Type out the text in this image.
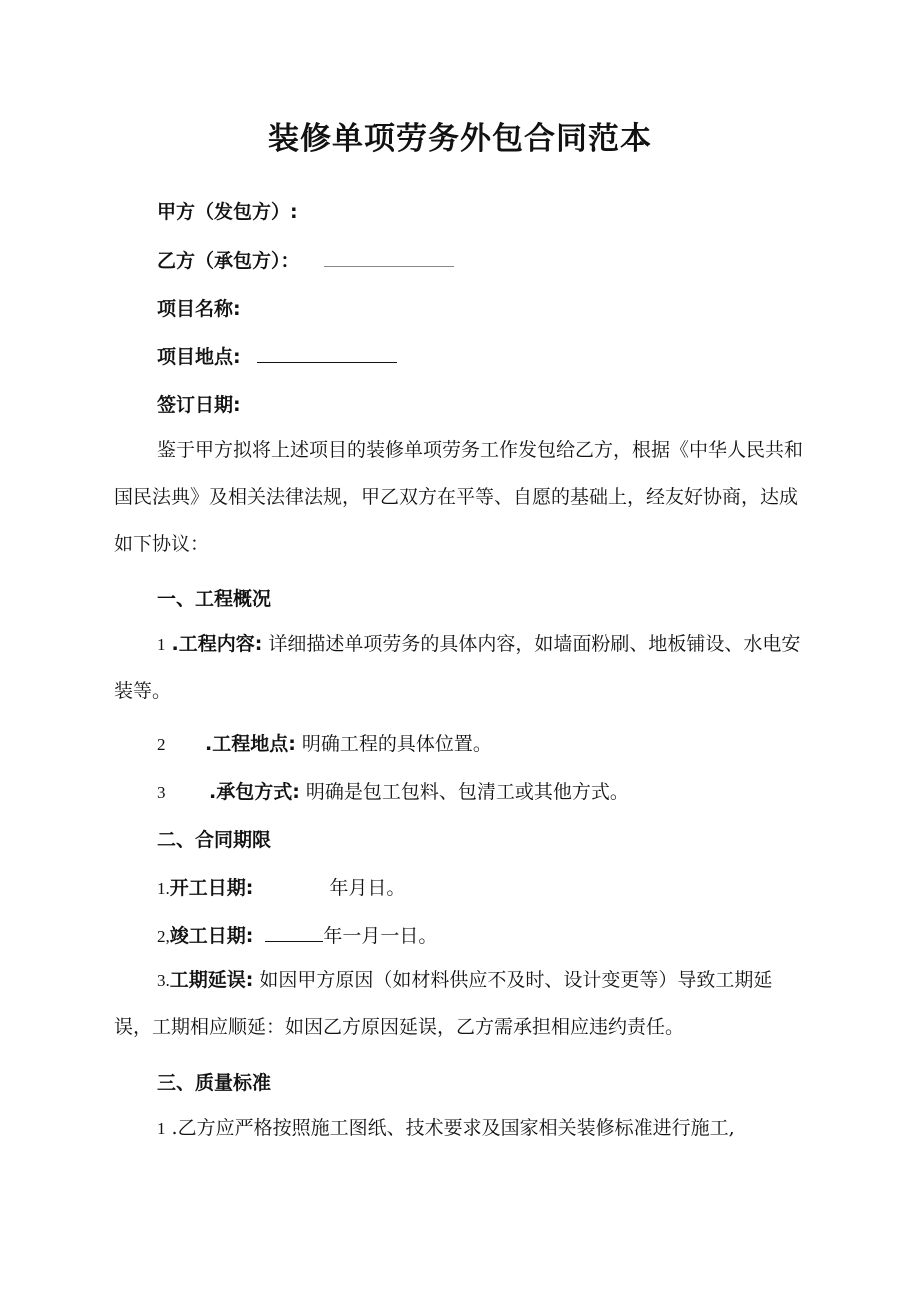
装修单项劳务外包合同范本
甲方（发包方）:
乙方（承包方）：
项目名称:
项目地点:
签订日期:
鉴于甲方拟将上述项目的装修单项劳务工作发包给乙方，根据《中华人民共和国民法典》及相关法律法规，甲乙双方在平等、自愿的基础上，经友好协商，达成如下协议：
一、工程概况
1 .工程内容: 详细描述单项劳务的具体内容，如墙面粉刷、地板铺设、水电安装等。
2 .工程地点: 明确工程的具体位置。
3 .承包方式: 明确是包工包料、包清工或其他方式。
二、合同期限
1.开工日期:	年月日。
2,竣工日期:	年一月一日。
3.工期延误: 如因甲方原因（如材料供应不及时、设计变更等）导致工期延误，工期相应顺延：如因乙方原因延误，乙方需承担相应违约责任。
三、质量标准
1 .乙方应严格按照施工图纸、技术要求及国家相关装修标准进行施工,
